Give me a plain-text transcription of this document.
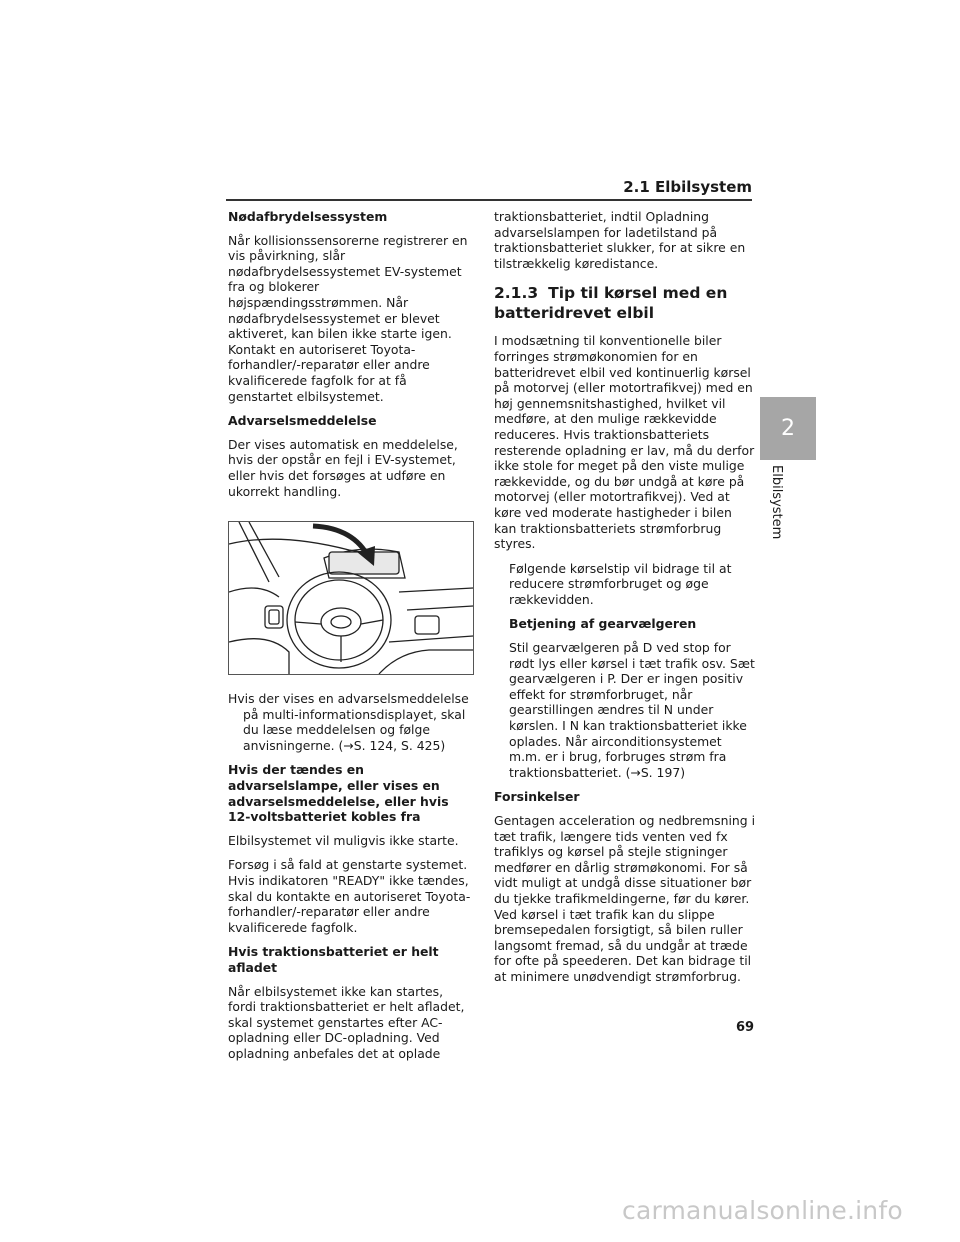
2.1 Elbilsystem
2
Elbilsystem
Nødafbrydelsessystem

Når kollisionssensorerne registrerer en vis påvirkning, slår nødafbrydelsessystemet EV-systemet fra og blokerer højspændingsstrømmen. Når nødafbrydelsessystemet er blevet aktiveret, kan bilen ikke starte igen. Kontakt en autoriseret Toyota-forhandler/-reparatør eller andre kvalificerede fagfolk for at få genstartet elbilsystemet.

Advarselsmeddelelse

Der vises automatisk en meddelelse, hvis der opstår en fejl i EV-systemet, eller hvis det forsøges at udføre en ukorrekt handling.

Hvis der vises en advarselsmeddelelse på multi-informationsdisplayet, skal du læse meddelelsen og følge anvisningerne. (→S. 124, S. 425)

Hvis der tændes en advarselslampe, eller vises en advarselsmeddelelse, eller hvis 12-voltsbatteriet kobles fra

Elbilsystemet vil muligvis ikke starte.

Forsøg i så fald at genstarte systemet. Hvis indikatoren "READY" ikke tændes, skal du kontakte en autoriseret Toyota-forhandler/-reparatør eller andre kvalificerede fagfolk.

Hvis traktionsbatteriet er helt afladet

Når elbilsystemet ikke kan startes, fordi traktionsbatteriet er helt afladet, skal systemet genstartes efter AC-opladning eller DC-opladning. Ved opladning anbefales det at oplade

traktionsbatteriet, indtil Opladning advarselslampen for ladetilstand på traktionsbatteriet slukker, for at sikre en tilstrækkelig køredistance.

2.1.3 Tip til kørsel med en batteridrevet elbil

I modsætning til konventionelle biler forringes strømøkonomien for en batteridrevet elbil ved kontinuerlig kørsel på motorvej (eller motortrafikvej) med en høj gennemsnitshastighed, hvilket vil medføre, at den mulige rækkevidde reduceres. Hvis traktionsbatteriets resterende opladning er lav, må du derfor ikke stole for meget på den viste mulige rækkevidde, og du bør undgå at køre på motorvej (eller motortrafikvej). Ved at køre ved moderate hastigheder i bilen kan traktionsbatteriets strømforbrug styres.

Følgende kørselstip vil bidrage til at reducere strømforbruget og øge rækkevidden.

Betjening af gearvælgeren

Stil gearvælgeren på D ved stop for rødt lys eller kørsel i tæt trafik osv. Sæt gearvælgeren i P. Der er ingen positiv effekt for strømforbruget, når gearstillingen ændres til N under kørslen. I N kan traktionsbatteriet ikke oplades. Når airconditionsystemet m.m. er i brug, forbruges strøm fra traktionsbatteriet. (→S. 197)

Forsinkelser

Gentagen acceleration og nedbremsning i tæt trafik, længere tids venten ved fx trafiklys og kørsel på stejle stigninger medfører en dårlig strømøkonomi. For så vidt muligt at undgå disse situationer bør du tjekke trafikmeldingerne, før du kører. Ved kørsel i tæt trafik kan du slippe bremsepedalen forsigtigt, så bilen ruller langsomt fremad, så du undgår at træde for ofte på speederen. Det kan bidrage til at minimere unødvendigt strømforbrug.

69
carmanualsonline.info
